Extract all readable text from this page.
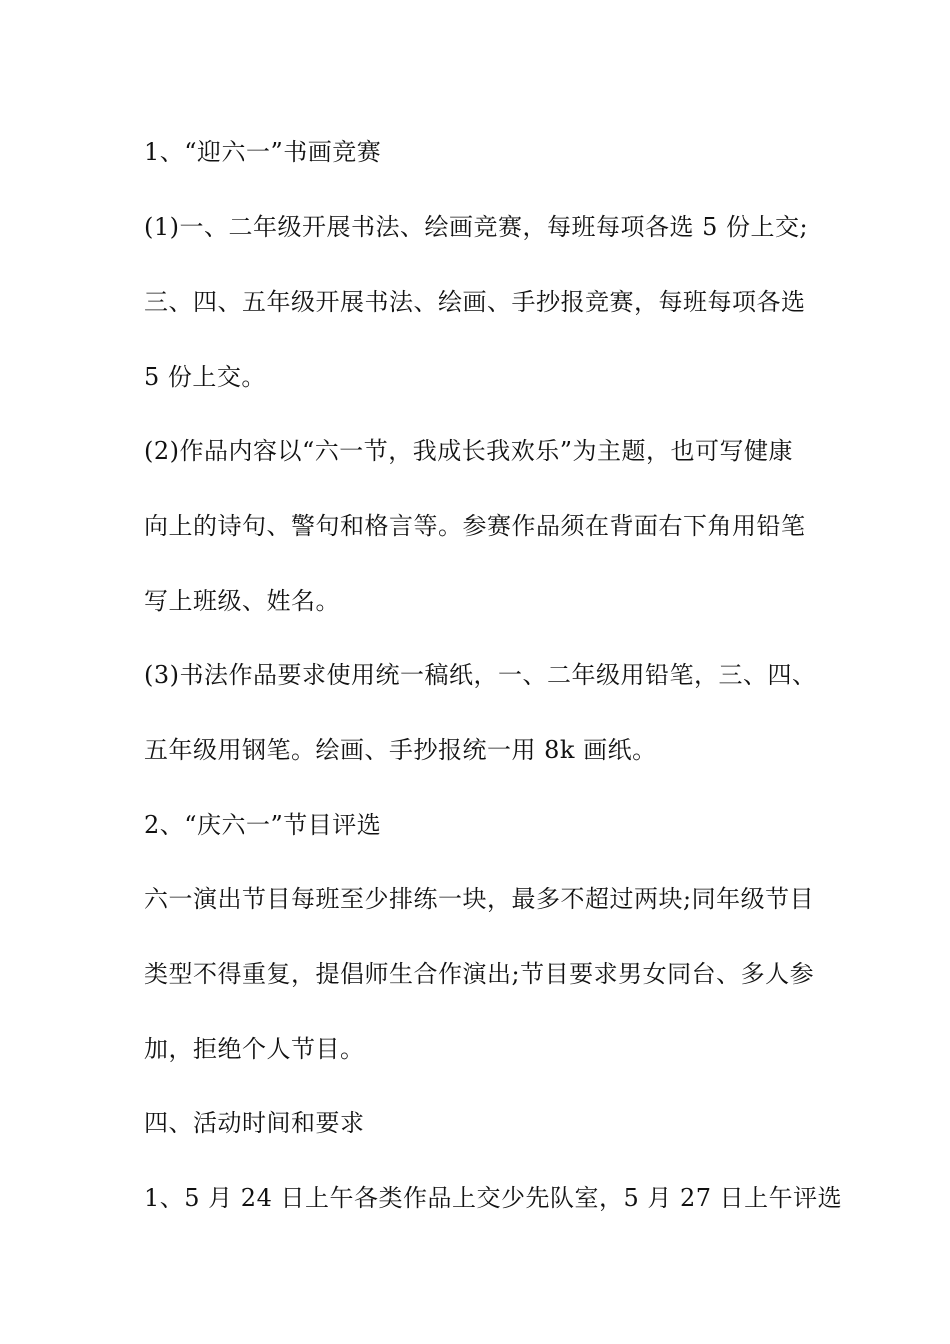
1、“迎六一”书画竞赛
(1)一、二年级开展书法、绘画竞赛，每班每项各选 5 份上交;
三、四、五年级开展书法、绘画、手抄报竞赛，每班每项各选
5 份上交。
(2)作品内容以“六一节，我成长我欢乐”为主题，也可写健康
向上的诗句、警句和格言等。参赛作品须在背面右下角用铅笔
写上班级、姓名。
(3)书法作品要求使用统一稿纸，一、二年级用铅笔，三、四、
五年级用钢笔。绘画、手抄报统一用 8k 画纸。
2、“庆六一”节目评选
六一演出节目每班至少排练一块，最多不超过两块;同年级节目
类型不得重复，提倡师生合作演出;节目要求男女同台、多人参
加，拒绝个人节目。
四、活动时间和要求
1、5 月 24 日上午各类作品上交少先队室，5 月 27 日上午评选
